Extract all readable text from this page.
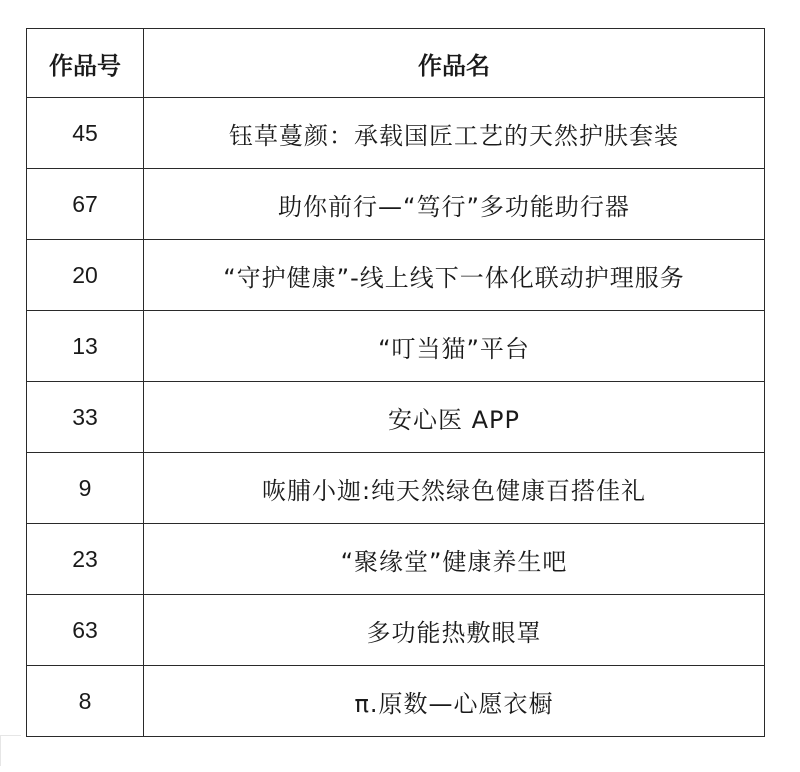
作品号	作品名
45	钰草蔓颜：承载国匠工艺的天然护肤套装
67	助你前行—“笃行”多功能助行器
20	“守护健康”-线上线下一体化联动护理服务
13	“叮当猫”平台
33	安心医 APP
9	咴脯小迦:纯天然绿色健康百搭佳礼
23	“聚缘堂”健康养生吧
63	多功能热敷眼罩
8	π.原数—心愿衣橱
